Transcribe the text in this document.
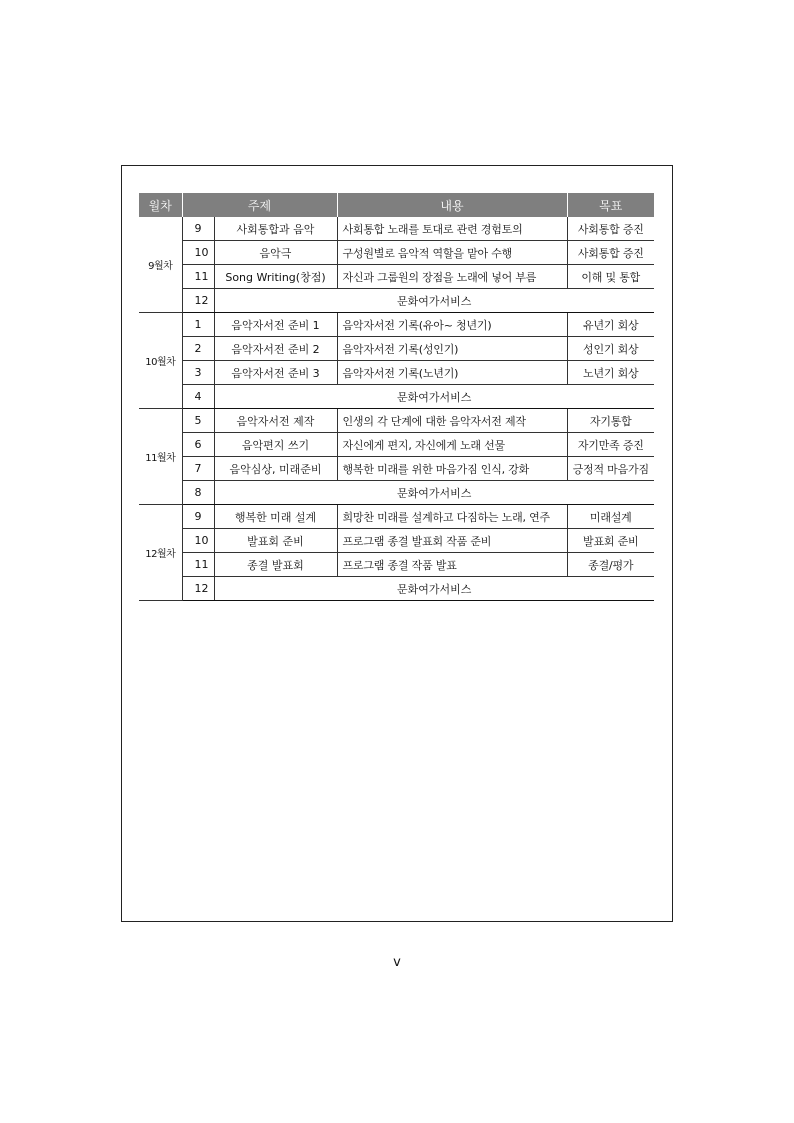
월차	주제		내용	목표
9월차	9	사회통합과 음악	사회통합 노래를 토대로 관련 경험토의	사회통합 증진
	10	음악극	구성원별로 음악적 역할을 맡아 수행	사회통합 증진
	11	Song Writing(창점)	자신과 그룹원의 장점을 노래에 넣어 부름	이해 및 통합
	12	문화여가서비스		
10월차	1	음악자서전 준비 1	음악자서전 기록(유아~ 청년기)	유년기 회상
	2	음악자서전 준비 2	음악자서전 기록(성인기)	성인기 회상
	3	음악자서전 준비 3	음악자서전 기록(노년기)	노년기 회상
	4	문화여가서비스		
11월차	5	음악자서전 제작	인생의 각 단계에 대한 음악자서전 제작	자기통합
	6	음악편지 쓰기	자신에게 편지, 자신에게 노래 선물	자기만족 증진
	7	음악심상, 미래준비	행복한 미래를 위한 마음가짐 인식, 강화	긍정적 마음가짐
	8	문화여가서비스		
12월차	9	행복한 미래 설계	희망찬 미래를 설계하고 다짐하는 노래, 연주	미래설계
	10	발표회 준비	프로그램 종결 발표회 작품 준비	발표회 준비
	11	종결 발표회	프로그램 종결 작품 발표	종결/평가
	12	문화여가서비스		
v
